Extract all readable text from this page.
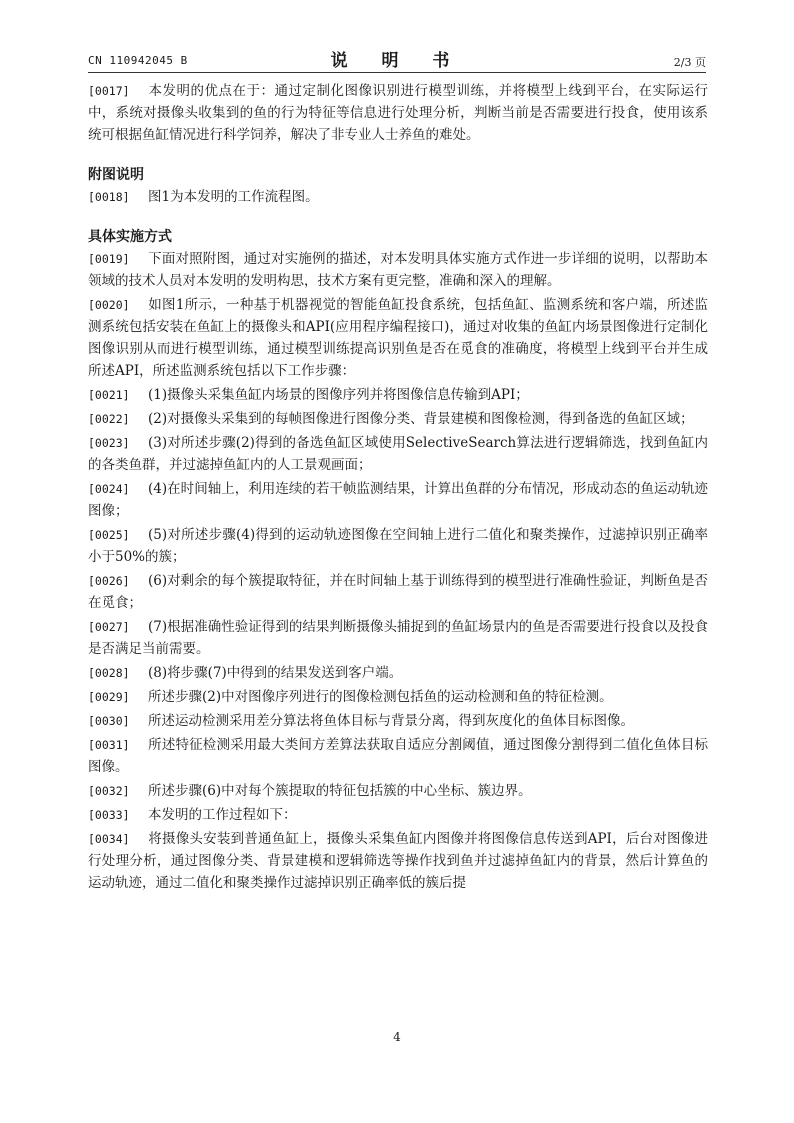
CN 110942045 B	说 明 书	2/3 页
[0017] 本发明的优点在于：通过定制化图像识别进行模型训练，并将模型上线到平台，在实际运行中，系统对摄像头收集到的鱼的行为特征等信息进行处理分析，判断当前是否需要进行投食，使用该系统可根据鱼缸情况进行科学饲养，解决了非专业人士养鱼的难处。
附图说明
[0018] 图1为本发明的工作流程图。
具体实施方式
[0019] 下面对照附图，通过对实施例的描述，对本发明具体实施方式作进一步详细的说明，以帮助本领域的技术人员对本发明的发明构思，技术方案有更完整，准确和深入的理解。
[0020] 如图1所示，一种基于机器视觉的智能鱼缸投食系统，包括鱼缸、监测系统和客户端，所述监测系统包括安装在鱼缸上的摄像头和API(应用程序编程接口)，通过对收集的鱼缸内场景图像进行定制化图像识别从而进行模型训练，通过模型训练提高识别鱼是否在觅食的准确度，将模型上线到平台并生成所述API，所述监测系统包括以下工作步骤：
[0021] (1)摄像头采集鱼缸内场景的图像序列并将图像信息传输到API；
[0022] (2)对摄像头采集到的每帧图像进行图像分类、背景建模和图像检测，得到备选的鱼缸区域；
[0023] (3)对所述步骤(2)得到的备选鱼缸区域使用SelectiveSearch算法进行逻辑筛选，找到鱼缸内的各类鱼群，并过滤掉鱼缸内的人工景观画面；
[0024] (4)在时间轴上，利用连续的若干帧监测结果，计算出鱼群的分布情况，形成动态的鱼运动轨迹图像；
[0025] (5)对所述步骤(4)得到的运动轨迹图像在空间轴上进行二值化和聚类操作，过滤掉识别正确率小于50%的簇；
[0026] (6)对剩余的每个簇提取特征，并在时间轴上基于训练得到的模型进行准确性验证，判断鱼是否在觅食；
[0027] (7)根据准确性验证得到的结果判断摄像头捕捉到的鱼缸场景内的鱼是否需要进行投食以及投食是否满足当前需要。
[0028] (8)将步骤(7)中得到的结果发送到客户端。
[0029] 所述步骤(2)中对图像序列进行的图像检测包括鱼的运动检测和鱼的特征检测。
[0030] 所述运动检测采用差分算法将鱼体目标与背景分离，得到灰度化的鱼体目标图像。
[0031] 所述特征检测采用最大类间方差算法获取自适应分割阈值，通过图像分割得到二值化鱼体目标图像。
[0032] 所述步骤(6)中对每个簇提取的特征包括簇的中心坐标、簇边界。
[0033] 本发明的工作过程如下：
[0034] 将摄像头安装到普通鱼缸上，摄像头采集鱼缸内图像并将图像信息传送到API，后台对图像进行处理分析，通过图像分类、背景建模和逻辑筛选等操作找到鱼并过滤掉鱼缸内的背景，然后计算鱼的运动轨迹，通过二值化和聚类操作过滤掉识别正确率低的簇后提
4
